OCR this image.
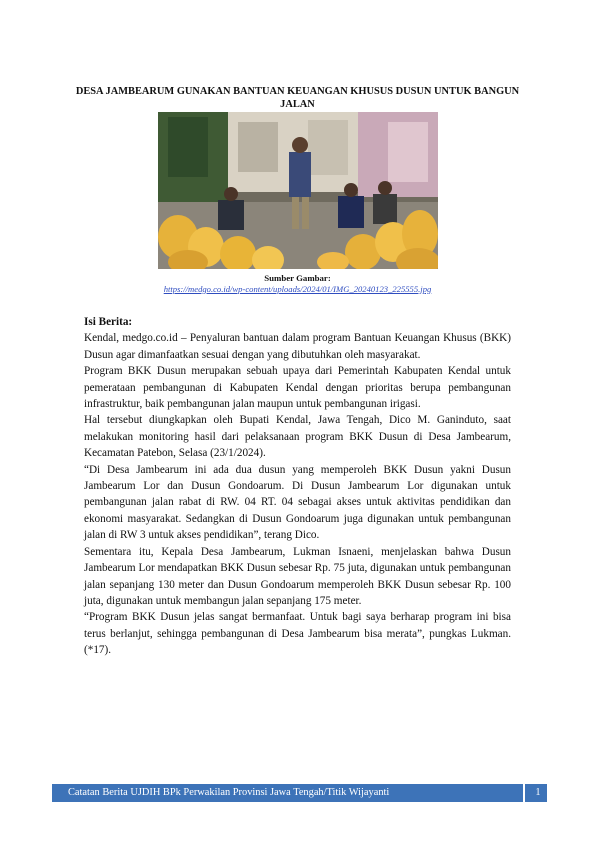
DESA JAMBEARUM GUNAKAN BANTUAN KEUANGAN KHUSUS DUSUN UNTUK BANGUN JALAN
Sumber Gambar:
https://medgo.co.id/wp-content/uploads/2024/01/IMG_20240123_225555.jpg

Isi Berita:

Kendal, medgo.co.id – Penyaluran bantuan dalam program Bantuan Keuangan Khusus (BKK) Dusun agar dimanfaatkan sesuai dengan yang dibutuhkan oleh masyarakat.

Program BKK Dusun merupakan sebuah upaya dari Pemerintah Kabupaten Kendal untuk pemerataan pembangunan di Kabupaten Kendal dengan prioritas berupa pembangunan infrastruktur, baik pembangunan jalan maupun untuk pembangunan irigasi.

Hal tersebut diungkapkan oleh Bupati Kendal, Jawa Tengah, Dico M. Ganinduto, saat melakukan monitoring hasil dari pelaksanaan program BKK Dusun di Desa Jambearum, Kecamatan Patebon, Selasa (23/1/2024).

“Di Desa Jambearum ini ada dua dusun yang memperoleh BKK Dusun yakni Dusun Jambearum Lor dan Dusun Gondoarum. Di Dusun Jambearum Lor digunakan untuk pembangunan jalan rabat di RW. 04 RT. 04 sebagai akses untuk aktivitas pendidikan dan ekonomi masyarakat. Sedangkan di Dusun Gondoarum juga digunakan untuk pembangunan jalan di RW 3 untuk akses pendidikan”, terang Dico.

Sementara itu, Kepala Desa Jambearum, Lukman Isnaeni, menjelaskan bahwa Dusun Jambearum Lor mendapatkan BKK Dusun sebesar Rp. 75 juta, digunakan untuk pembangunan jalan sepanjang 130 meter dan Dusun Gondoarum memperoleh BKK Dusun sebesar Rp. 100 juta, digunakan untuk membangun jalan sepanjang 175 meter.

“Program BKK Dusun jelas sangat bermanfaat. Untuk bagi saya berharap program ini bisa terus berlanjut, sehingga pembangunan di Desa Jambearum bisa merata”, pungkas Lukman. (*17).

Catatan Berita UJDIH BPk Perwakilan Provinsi Jawa Tengah/Titik Wijayanti	1
